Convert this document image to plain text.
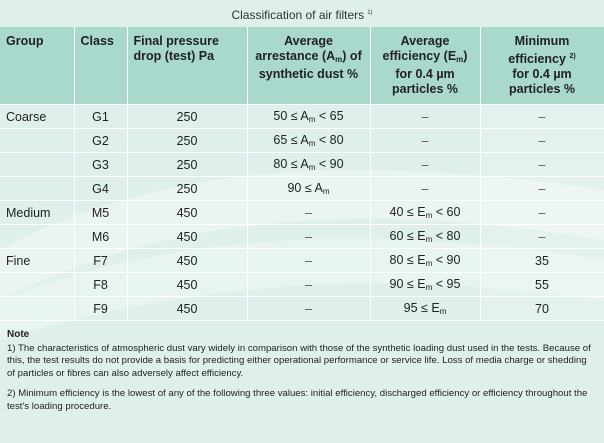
Classification of air filters $^{1)}$
Group	Class	Final pressure drop (test) Pa	Average arrestance $(A_m)$ of synthetic dust %	Average efficiency $(E_m)$ for 0.4 µm particles %	Minimum efficiency $^{2)}$
for 0.4 µm particles %
Coarse	G1	250	$50 \le A_m < 65$	–	–
	G2	250	$65 \le A_m < 80$	–	–
	G3	250	$80 \le A_m < 90$	–	–
	G4	250	$90 \le A_m$	–	–
Medium	M5	450	–	$40 \le E_m < 60$	–
	M6	450	–	$60 \le E_m < 80$	–
Fine	F7	450	–	$80 \le E_m < 90$	35
	F8	450	–	$90 \le E_m < 95$	55
	F9	450	–	$95 \le E_m$	70
Note

1) The characteristics of atmospheric dust vary widely in comparison with those of the synthetic loading dust used in the tests. Because of this, the test results do not provide a basis for predicting either operational performance or service life. Loss of media charge or shedding of particles or fibres can also adversely affect efficiency.

2) Minimum efficiency is the lowest of any of the following three values: initial efficiency, discharged efficiency or efficiency throughout the test's loading procedure.
